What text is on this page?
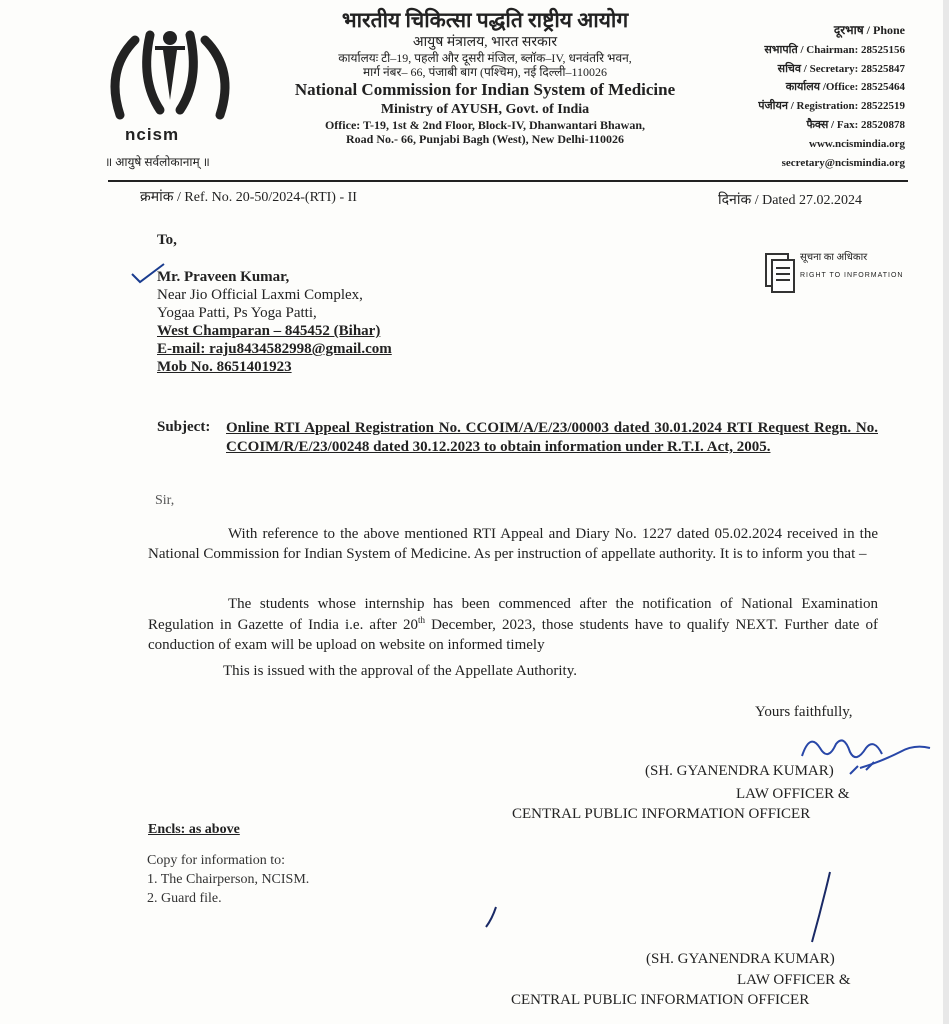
ncism
॥ आयुषे सर्वलोकानाम् ॥
भारतीय चिकित्सा पद्धति राष्ट्रीय आयोग
आयुष मंत्रालय, भारत सरकार
कार्यालयः टी–19, पहली और दूसरी मंजिल, ब्लॉक–IV, धनवंतरि भवन,
मार्ग नंबर– 66, पंजाबी बाग (पश्चिम), नई दिल्ली–110026
National Commission for Indian System of Medicine
Ministry of AYUSH, Govt. of India
Office: T-19, 1st & 2nd Floor, Block-IV, Dhanwantari Bhawan,
Road No.- 66, Punjabi Bagh (West), New Delhi-110026
दूरभाष / Phone
सभापति / Chairman: 28525156
सचिव / Secretary: 28525847
कार्यालय /Office: 28525464
पंजीयन / Registration: 28522519
फैक्स / Fax: 28520878
www.ncismindia.org
secretary@ncismindia.org
क्रमांक / Ref. No. 20-50/2024-(RTI) - II	दिनांक / Dated 27.02.2024
To,
Mr. Praveen Kumar,
Near Jio Official Laxmi Complex,
Yogaa Patti, Ps Yoga Patti,
West Champaran – 845452 (Bihar)
E-mail: raju8434582998@gmail.com
Mob No. 8651401923
सूचना का अधिकार
RIGHT TO INFORMATION
Subject: Online RTI Appeal Registration No. CCOIM/A/E/23/00003 dated 30.01.2024 RTI Request Regn. No. CCOIM/R/E/23/00248 dated 30.12.2023 to obtain information under R.T.I. Act, 2005.
Sir,
With reference to the above mentioned RTI Appeal and Diary No. 1227 dated 05.02.2024 received in the National Commission for Indian System of Medicine. As per instruction of appellate authority. It is to inform you that –
The students whose internship has been commenced after the notification of National Examination Regulation in Gazette of India i.e. after 20th December, 2023, those students have to qualify NEXT. Further date of conduction of exam will be upload on website on informed timely
This is issued with the approval of the Appellate Authority.
Yours faithfully,
(SH. GYANENDRA KUMAR)
LAW OFFICER &
CENTRAL PUBLIC INFORMATION OFFICER
Encls: as above
Copy for information to:
1. The Chairperson, NCISM.
2. Guard file.
(SH. GYANENDRA KUMAR)
LAW OFFICER &
CENTRAL PUBLIC INFORMATION OFFICER
